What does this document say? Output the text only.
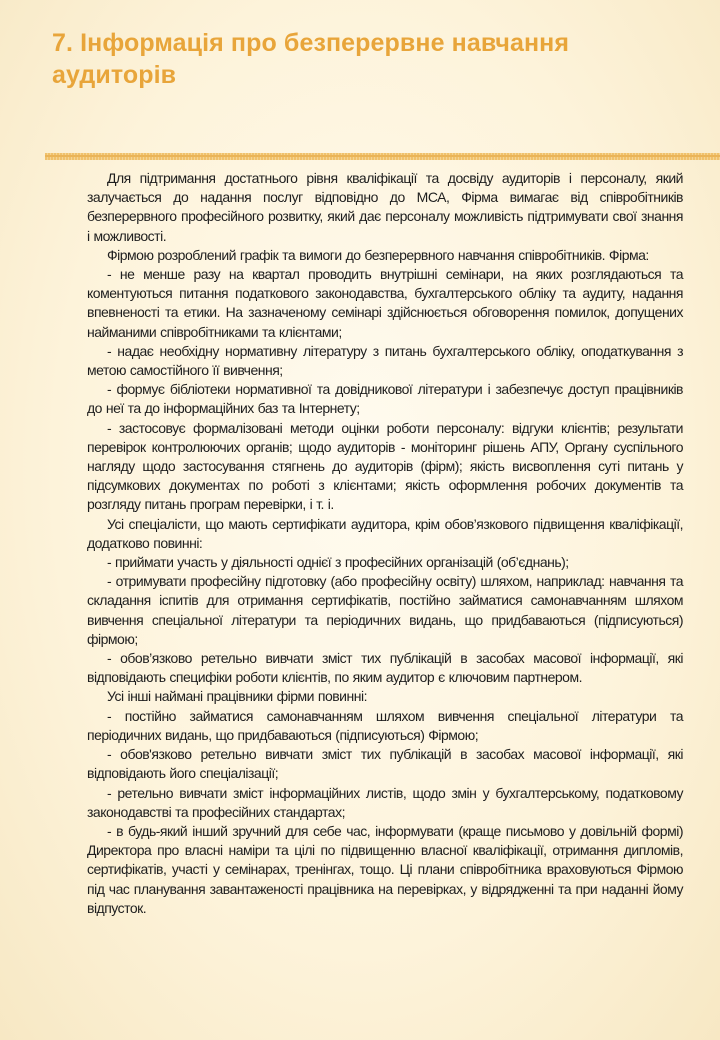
7. Інформація про безперервне навчання аудиторів

Для підтримання достатнього рівня кваліфікації та досвіду аудиторів і персоналу, який залучається до надання послуг відповідно до МСА, Фірма вимагає від співробітників безперервного професійного розвитку, який дає персоналу можливість підтримувати свої знання і можливості.

Фірмою розроблений графік та вимоги до безперервного навчання співробітників. Фірма:

- не менше разу на квартал проводить внутрішні семінари, на яких розглядаються та коментуються питання податкового законодавства, бухгалтерського обліку та аудиту, надання впевненості та етики. На зазначеному семінарі здійснюється обговорення помилок, допущених найманими співробітниками та клієнтами;

- надає необхідну нормативну літературу з питань бухгалтерського обліку, оподаткування з метою самостійного її вивчення;

- формує бібліотеки нормативної та довідникової літератури і забезпечує доступ працівників до неї та до інформаційних баз та Інтернету;

- застосовує формалізовані методи оцінки роботи персоналу: відгуки клієнтів; результати перевірок контролюючих органів; щодо аудиторів - моніторинг рішень АПУ, Органу суспільного нагляду щодо застосування стягнень до аудиторів (фірм); якість висвоплення суті питань у підсумкових документах по роботі з клієнтами; якість оформлення робочих документів та розгляду питань програм перевірки, і т. і.

Усі спеціалісти, що мають сертифікати аудитора, крім обов’язкового підвищення кваліфікації, додатково повинні:

- приймати участь у діяльності однієї з професійних організацій (об’єднань);

- отримувати професійну підготовку (або професійну освіту) шляхом, наприклад: навчання та складання іспитів для отримання сертифікатів, постійно займатися самонавчанням шляхом вивчення спеціальної літератури та періодичних видань, що придбаваються (підписуються) фірмою;

- обов’язково ретельно вивчати зміст тих публікацій в засобах масової інформації, які відповідають специфіки роботи клієнтів, по яким аудитор є ключовим партнером.

Усі інші наймані працівники фірми повинні:

- постійно займатися самонавчанням шляхом вивчення спеціальної літератури та періодичних видань, що придбаваються (підписуються) Фірмою;

- обов'язково ретельно вивчати зміст тих публікацій в засобах масової інформації, які відповідають його спеціалізації;

- ретельно вивчати зміст інформаційних листів, щодо змін у бухгалтерському, податковому законодавстві та професійних стандартах;

- в будь-який інший зручний для себе час, інформувати (краще письмово у довільній формі) Директора про власні наміри та цілі по підвищенню власної кваліфікації, отримання дипломів, сертифікатів, участі у семінарах, тренінгах, тощо. Ці плани співробітника враховуються Фірмою під час планування завантаженості працівника на перевірках, у відрядженні та при наданні йому відпусток.
